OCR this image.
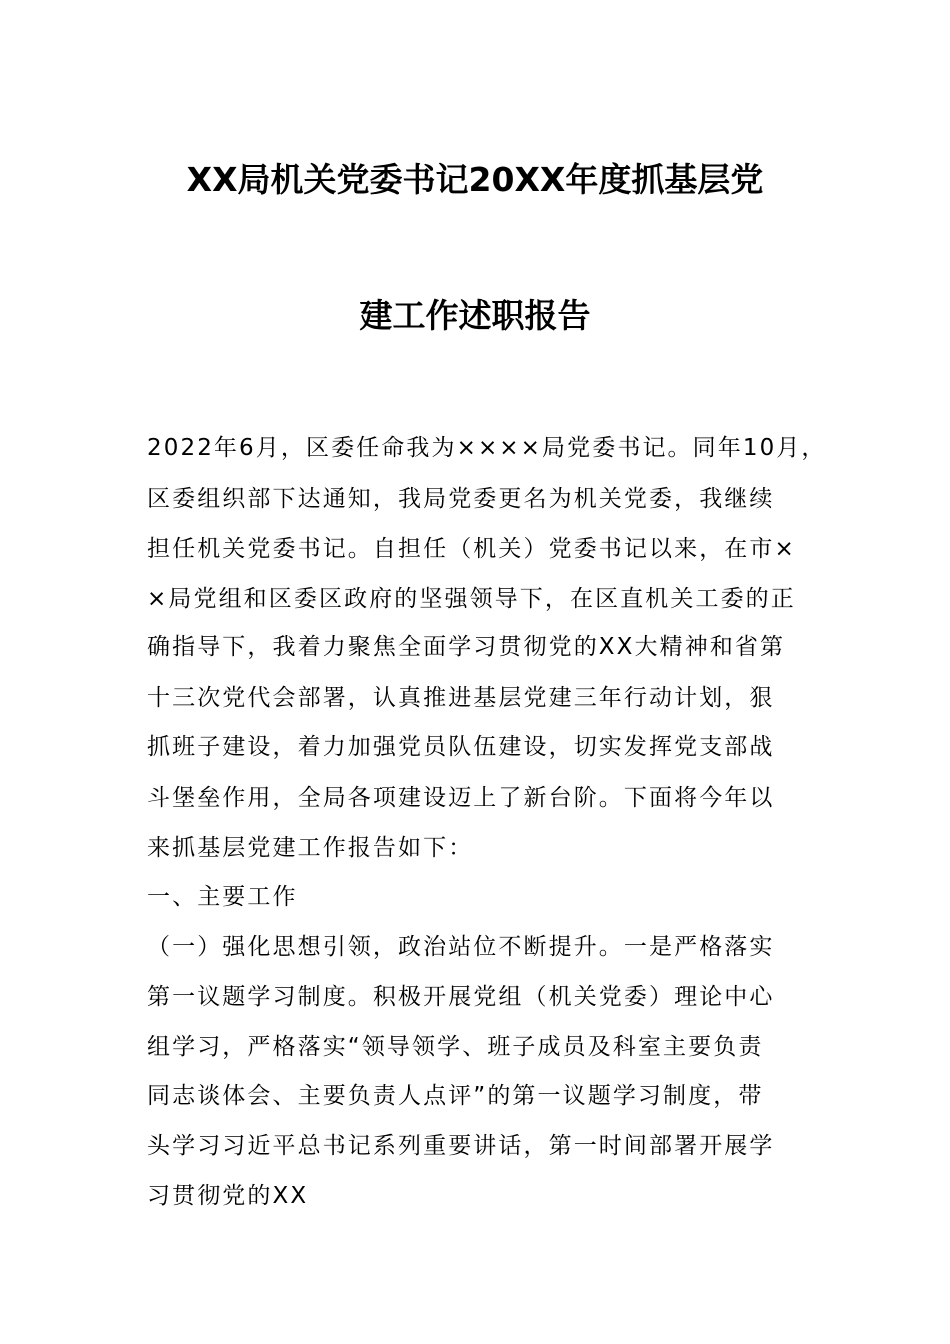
XX局机关党委书记20XX年度抓基层党
建工作述职报告
2022年6月，区委任命我为××××局党委书记。同年10月，
区委组织部下达通知，我局党委更名为机关党委，我继续
担任机关党委书记。自担任（机关）党委书记以来，在市×
×局党组和区委区政府的坚强领导下，在区直机关工委的正
确指导下，我着力聚焦全面学习贯彻党的XX大精神和省第
十三次党代会部署，认真推进基层党建三年行动计划，狠
抓班子建设，着力加强党员队伍建设，切实发挥党支部战
斗堡垒作用，全局各项建设迈上了新台阶。下面将今年以
来抓基层党建工作报告如下：
一、主要工作
（一）强化思想引领，政治站位不断提升。一是严格落实
第一议题学习制度。积极开展党组（机关党委）理论中心
组学习，严格落实“领导领学、班子成员及科室主要负责
同志谈体会、主要负责人点评”的第一议题学习制度，带
头学习习近平总书记系列重要讲话，第一时间部署开展学
习贯彻党的XX
